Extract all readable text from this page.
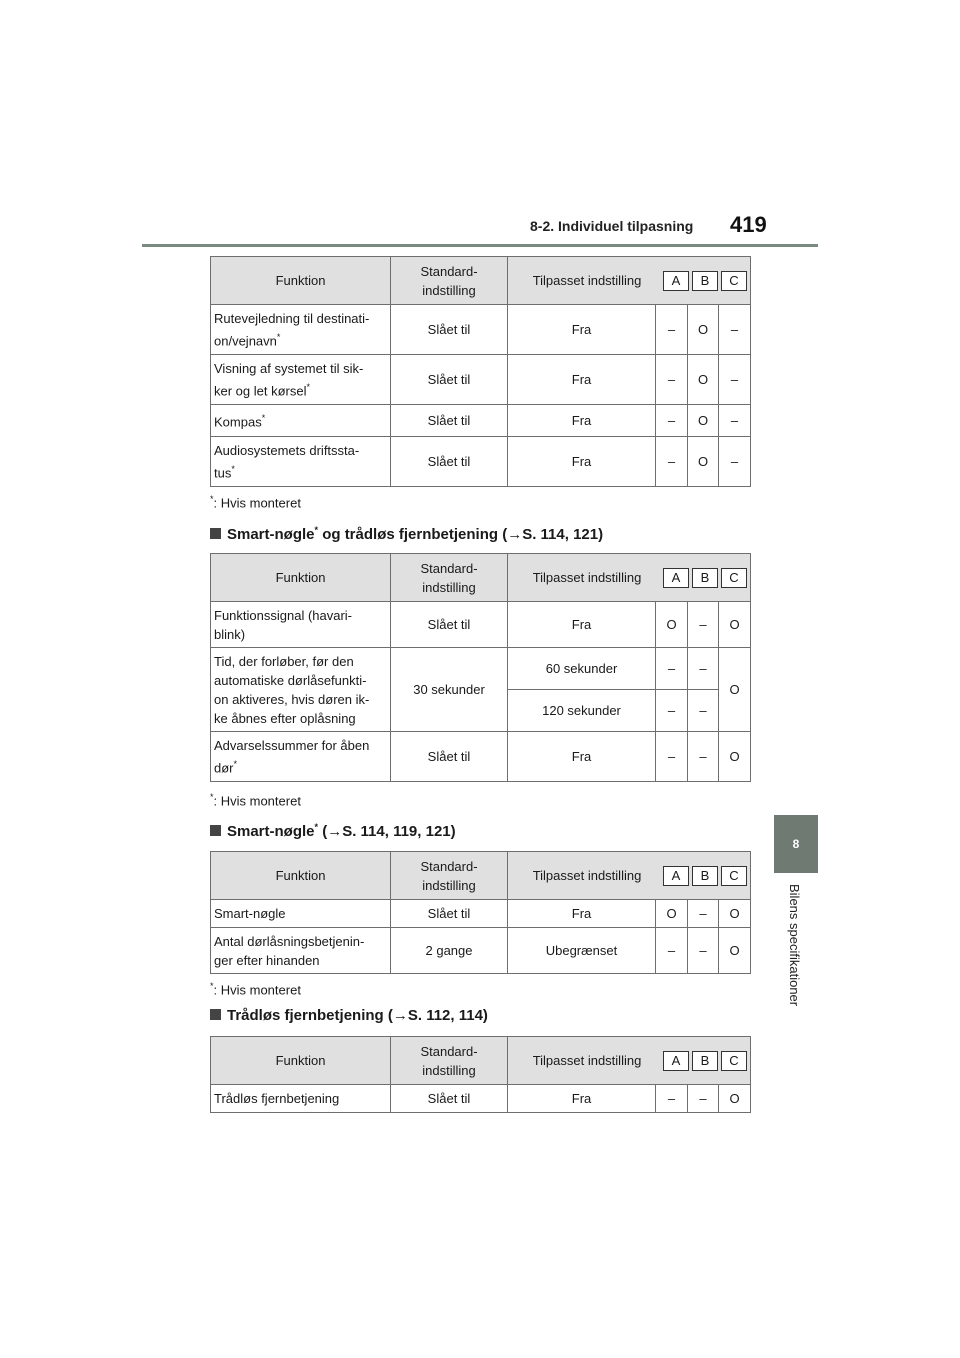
8-2. Individuel tilpasning 419
8
Bilens specifikationer
Funktion	Standard-
indstilling	Tilpasset indstilling A B C			

Rutevejledning til destinati-
on/vejnavn*	Slået til	Fra	–	O	–
Visning af systemet til sik-
ker og let kørsel*	Slået til	Fra	–	O	–
Kompas*	Slået til	Fra	–	O	–
Audiosystemets driftssta-
tus*	Slået til	Fra	–	O	–
*: Hvis monteret
Smart-nøgle* og trådløs fjernbetjening (→S. 114, 121)
Funktion	Standard-
indstilling	Tilpasset indstilling A B C			

Funktionssignal (havari-
blink)	Slået til	Fra	O	–	O
Tid, der forløber, før den
automatiske dørlåsefunkti-
on aktiveres, hvis døren ik-
ke åbnes efter oplåsning	30 sekunder	60 sekunder	–	–	O
		120 sekunder	–	–	
Advarselssummer for åben
dør*	Slået til	Fra	–	–	O
*: Hvis monteret
Smart-nøgle* (→S. 114, 119, 121)
Funktion	Standard-
indstilling	Tilpasset indstilling A B C			

Smart-nøgle	Slået til	Fra	O	–	O
Antal dørlåsningsbetjenin-
ger efter hinanden	2 gange	Ubegrænset	–	–	O
*: Hvis monteret
Trådløs fjernbetjening (→S. 112, 114)
Funktion	Standard-
indstilling	Tilpasset indstilling A B C			

Trådløs fjernbetjening	Slået til	Fra	–	–	O
